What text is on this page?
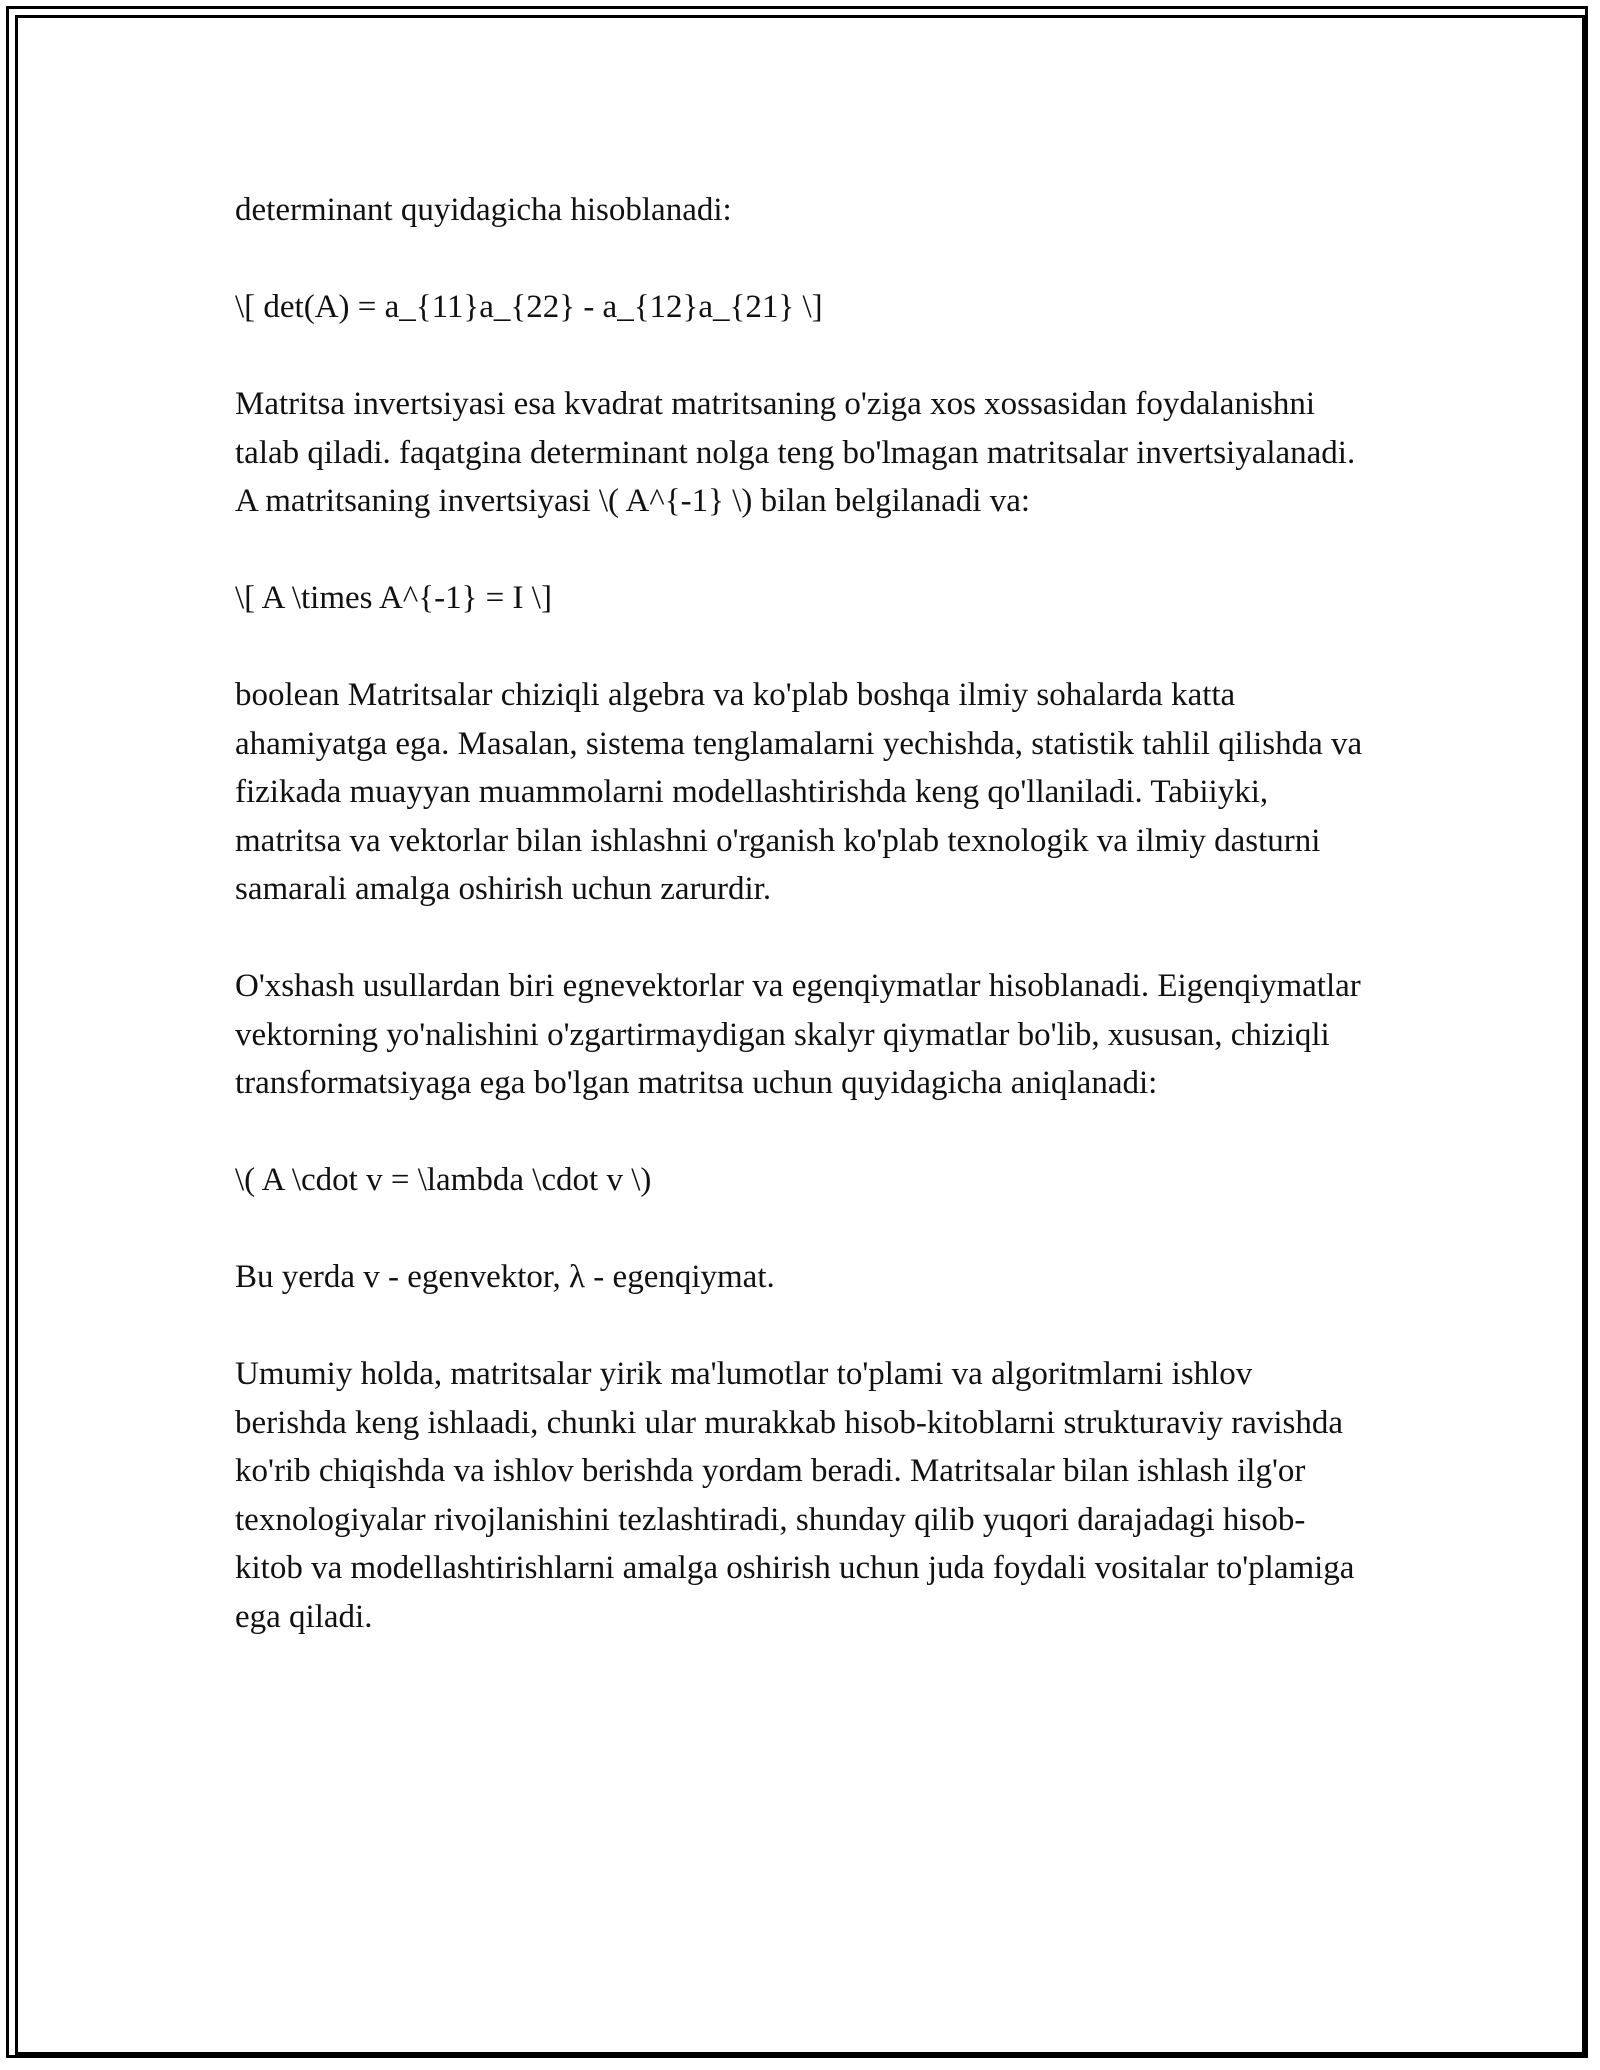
determinant quyidagicha hisoblanadi:

\[ det(A) = a_{11}a_{22} - a_{12}a_{21} \]

Matritsa invertsiyasi esa kvadrat matritsaning o'ziga xos xossasidan foydalanishni talab qiladi. faqatgina determinant nolga teng bo'lmagan matritsalar invertsiyalanadi. A matritsaning invertsiyasi \( A^{-1} \) bilan belgilanadi va:

\[ A \times A^{-1} = I \]

boolean Matritsalar chiziqli algebra va ko'plab boshqa ilmiy sohalarda katta ahamiyatga ega. Masalan, sistema tenglamalarni yechishda, statistik tahlil qilishda va fizikada muayyan muammolarni modellashtirishda keng qo'llaniladi. Tabiiyki, matritsa va vektorlar bilan ishlashni o'rganish ko'plab texnologik va ilmiy dasturni samarali amalga oshirish uchun zarurdir.

O'xshash usullardan biri egnevektorlar va egenqiymatlar hisoblanadi. Eigenqiymatlar vektorning yo'nalishini o'zgartirmaydigan skalyr qiymatlar bo'lib, xususan, chiziqli transformatsiyaga ega bo'lgan matritsa uchun quyidagicha aniqlanadi:

\( A \cdot v = \lambda \cdot v \)

Bu yerda v - egenvektor, λ - egenqiymat.

Umumiy holda, matritsalar yirik ma'lumotlar to'plami va algoritmlarni ishlov berishda keng ishlaadi, chunki ular murakkab hisob-kitoblarni strukturaviy ravishda ko'rib chiqishda va ishlov berishda yordam beradi. Matritsalar bilan ishlash ilg'or texnologiyalar rivojlanishini tezlashtiradi, shunday qilib yuqori darajadagi hisob-kitob va modellashtirishlarni amalga oshirish uchun juda foydali vositalar to'plamiga ega qiladi.
